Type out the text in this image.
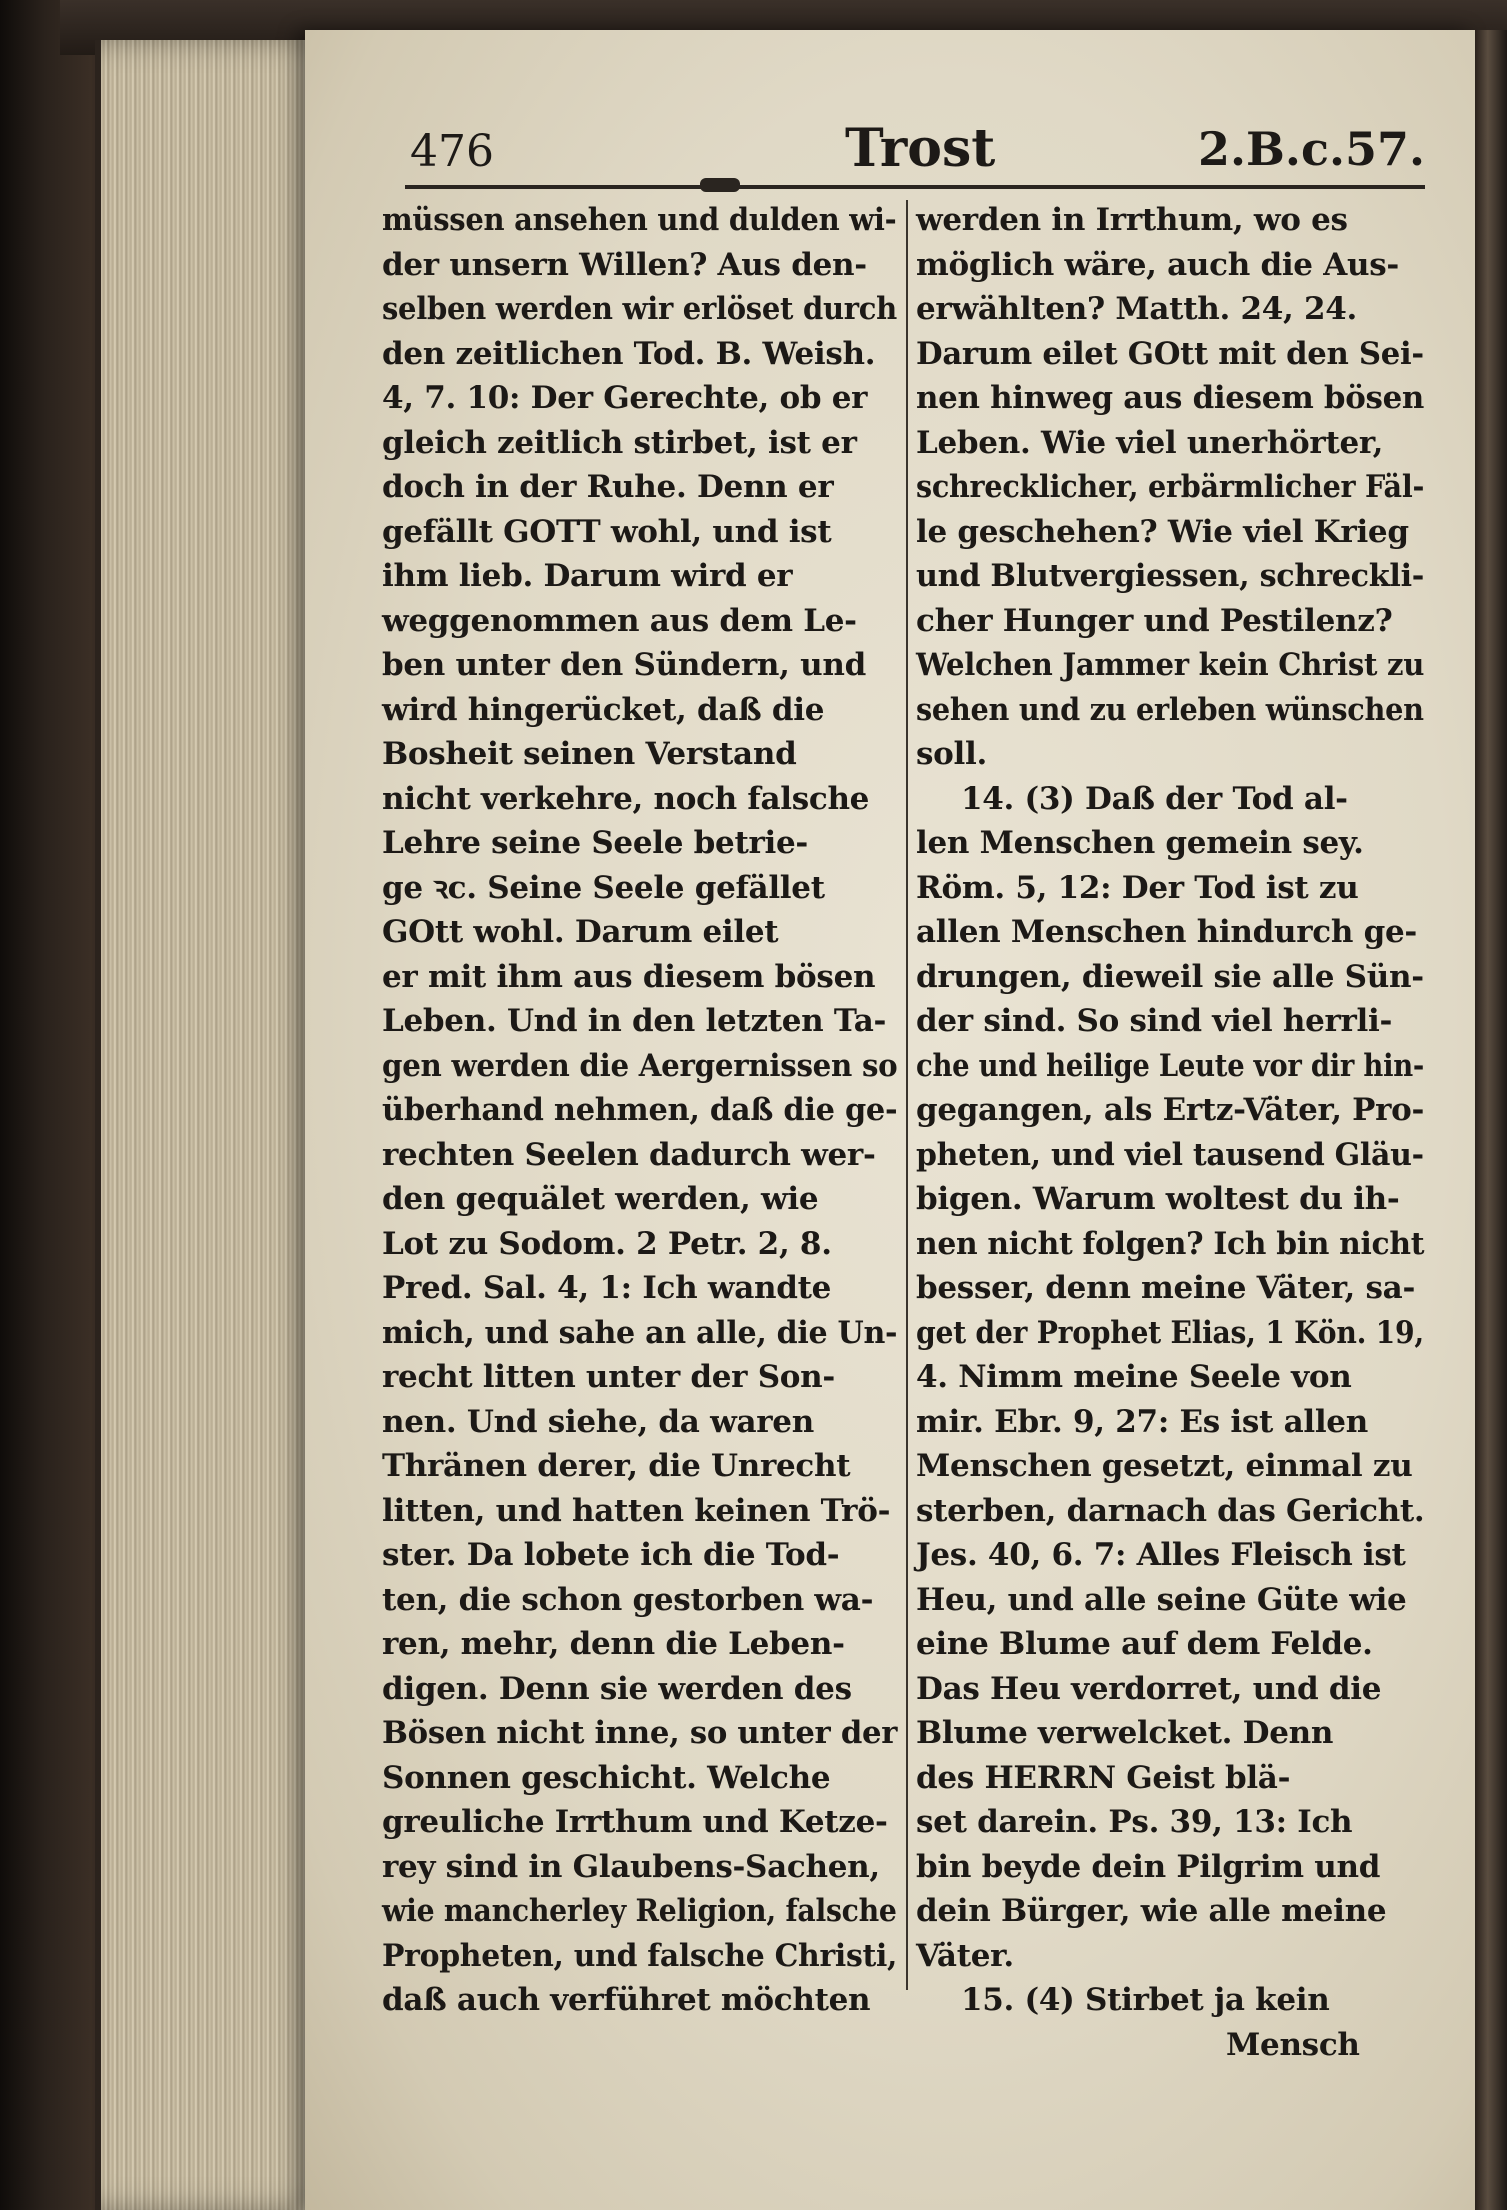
476	Trost	2.B.c.57.
müssen ansehen und dulden wi-
der unsern Willen? Aus den-
selben werden wir erlöset durch
den zeitlichen Tod. B. Weish.
4, 7. 10: Der Gerechte, ob er
gleich zeitlich stirbet, ist er
doch in der Ruhe. Denn er
gefällt GOTT wohl, und ist
ihm lieb. Darum wird er
weggenommen aus dem Le-
ben unter den Sündern, und
wird hingerücket, daß die
Bosheit seinen Verstand
nicht verkehre, noch falsche
Lehre seine Seele betrie-
ge ꝛc. Seine Seele gefället
GOtt wohl. Darum eilet
er mit ihm aus diesem bösen
Leben. Und in den letzten Ta-
gen werden die Aergernissen so
überhand nehmen, daß die ge-
rechten Seelen dadurch wer-
den gequälet werden, wie
Lot zu Sodom. 2 Petr. 2, 8.
Pred. Sal. 4, 1: Ich wandte
mich, und sahe an alle, die Un-
recht litten unter der Son-
nen. Und siehe, da waren
Thränen derer, die Unrecht
litten, und hatten keinen Trö-
ster. Da lobete ich die Tod-
ten, die schon gestorben wa-
ren, mehr, denn die Leben-
digen. Denn sie werden des
Bösen nicht inne, so unter der
Sonnen geschicht. Welche
greuliche Irrthum und Ketze-
rey sind in Glaubens-Sachen,
wie mancherley Religion, falsche
Propheten, und falsche Christi,
daß auch verführet möchten
werden in Irrthum, wo es
möglich wäre, auch die Aus-
erwählten? Matth. 24, 24.
Darum eilet GOtt mit den Sei-
nen hinweg aus diesem bösen
Leben. Wie viel unerhörter,
schrecklicher, erbärmlicher Fäl-
le geschehen? Wie viel Krieg
und Blutvergiessen, schreckli-
cher Hunger und Pestilenz?
Welchen Jammer kein Christ zu
sehen und zu erleben wünschen
soll.
14. (3) Daß der Tod al-
len Menschen gemein sey.
Röm. 5, 12: Der Tod ist zu
allen Menschen hindurch ge-
drungen, dieweil sie alle Sün-
der sind. So sind viel herrli-
che und heilige Leute vor dir hin-
gegangen, als Ertz-Väter, Pro-
pheten, und viel tausend Gläu-
bigen. Warum woltest du ih-
nen nicht folgen? Ich bin nicht
besser, denn meine Väter, sa-
get der Prophet Elias, 1 Kön. 19,
4. Nimm meine Seele von
mir. Ebr. 9, 27: Es ist allen
Menschen gesetzt, einmal zu
sterben, darnach das Gericht.
Jes. 40, 6. 7: Alles Fleisch ist
Heu, und alle seine Güte wie
eine Blume auf dem Felde.
Das Heu verdorret, und die
Blume verwelcket. Denn
des HERRN Geist blä-
set darein. Ps. 39, 13: Ich
bin beyde dein Pilgrim und
dein Bürger, wie alle meine
Väter.
15. (4) Stirbet ja kein
Mensch
